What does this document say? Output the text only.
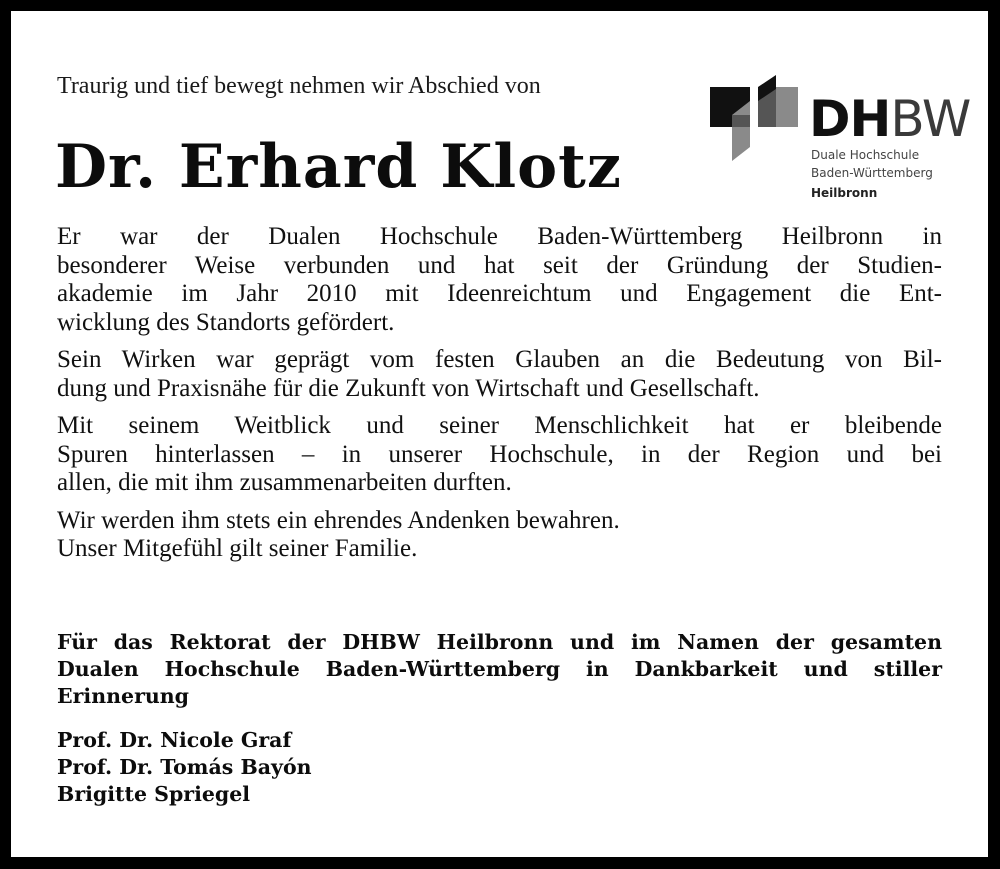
Traurig und tief bewegt nehmen wir Abschied von
Dr. Erhard Klotz
DHBW
Duale Hochschule
Baden-Württemberg
Heilbronn

Er war der Dualen Hochschule Baden-Württemberg Heilbronn in
besonderer Weise verbunden und hat seit der Gründung der Studien-
akademie im Jahr 2010 mit Ideenreichtum und Engagement die Ent-
wicklung des Standorts gefördert.

Sein Wirken war geprägt vom festen Glauben an die Bedeutung von Bil-
dung und Praxisnähe für die Zukunft von Wirtschaft und Gesellschaft.

Mit seinem Weitblick und seiner Menschlichkeit hat er bleibende
Spuren hinterlassen – in unserer Hochschule, in der Region und bei
allen, die mit ihm zusammenarbeiten durften.

Wir werden ihm stets ein ehrendes Andenken bewahren.
Unser Mitgefühl gilt seiner Familie.

Für das Rektorat der DHBW Heilbronn und im Namen der gesamten
Dualen Hochschule Baden-Württemberg in Dankbarkeit und stiller
Erinnerung
Prof. Dr. Nicole Graf
Prof. Dr. Tomás Bayón
Brigitte Spriegel
